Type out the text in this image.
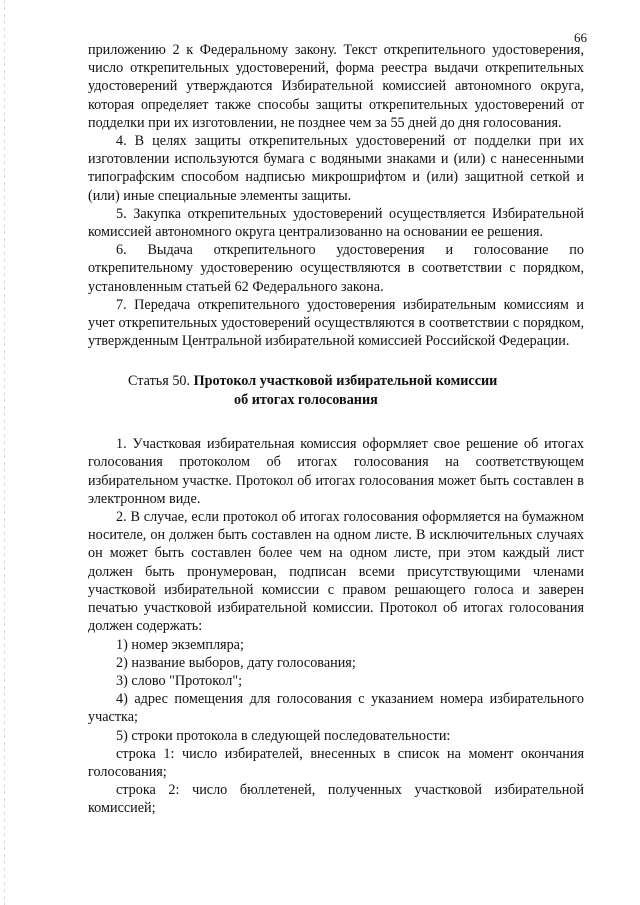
66

приложению 2 к Федеральному закону. Текст открепительного удостоверения, число открепительных удостоверений, форма реестра выдачи открепительных удостоверений утверждаются Избирательной комиссией автономного округа, которая определяет также способы защиты открепительных удостоверений от подделки при их изготовлении, не позднее чем за 55 дней до дня голосования.

4. В целях защиты открепительных удостоверений от подделки при их изготовлении используются бумага с водяными знаками и (или) с нанесенными типографским способом надписью микрошрифтом и (или) защитной сеткой и (или) иные специальные элементы защиты.

5. Закупка открепительных удостоверений осуществляется Избирательной комиссией автономного округа централизованно на основании ее решения.

6. Выдача открепительного удостоверения и голосование по открепительному удостоверению осуществляются в соответствии с порядком, установленным статьей 62 Федерального закона.

7. Передача открепительного удостоверения избирательным комиссиям и учет открепительных удостоверений осуществляются в соответствии с порядком, утвержденным Центральной избирательной комиссией Российской Федерации.

Статья 50. Протокол участковой избирательной комиссии
об итогах голосования

1. Участковая избирательная комиссия оформляет свое решение об итогах голосования протоколом об итогах голосования на соответствующем избирательном участке. Протокол об итогах голосования может быть составлен в электронном виде.

2. В случае, если протокол об итогах голосования оформляется на бумажном носителе, он должен быть составлен на одном листе. В исключительных случаях он может быть составлен более чем на одном листе, при этом каждый лист должен быть пронумерован, подписан всеми присутствующими членами участковой избирательной комиссии с правом решающего голоса и заверен печатью участковой избирательной комиссии. Протокол об итогах голосования должен содержать:

1) номер экземпляра;

2) название выборов, дату голосования;

3) слово "Протокол";

4) адрес помещения для голосования с указанием номера избирательного участка;

5) строки протокола в следующей последовательности:

строка 1: число избирателей, внесенных в список на момент окончания голосования;

строка 2: число бюллетеней, полученных участковой избирательной комиссией;
